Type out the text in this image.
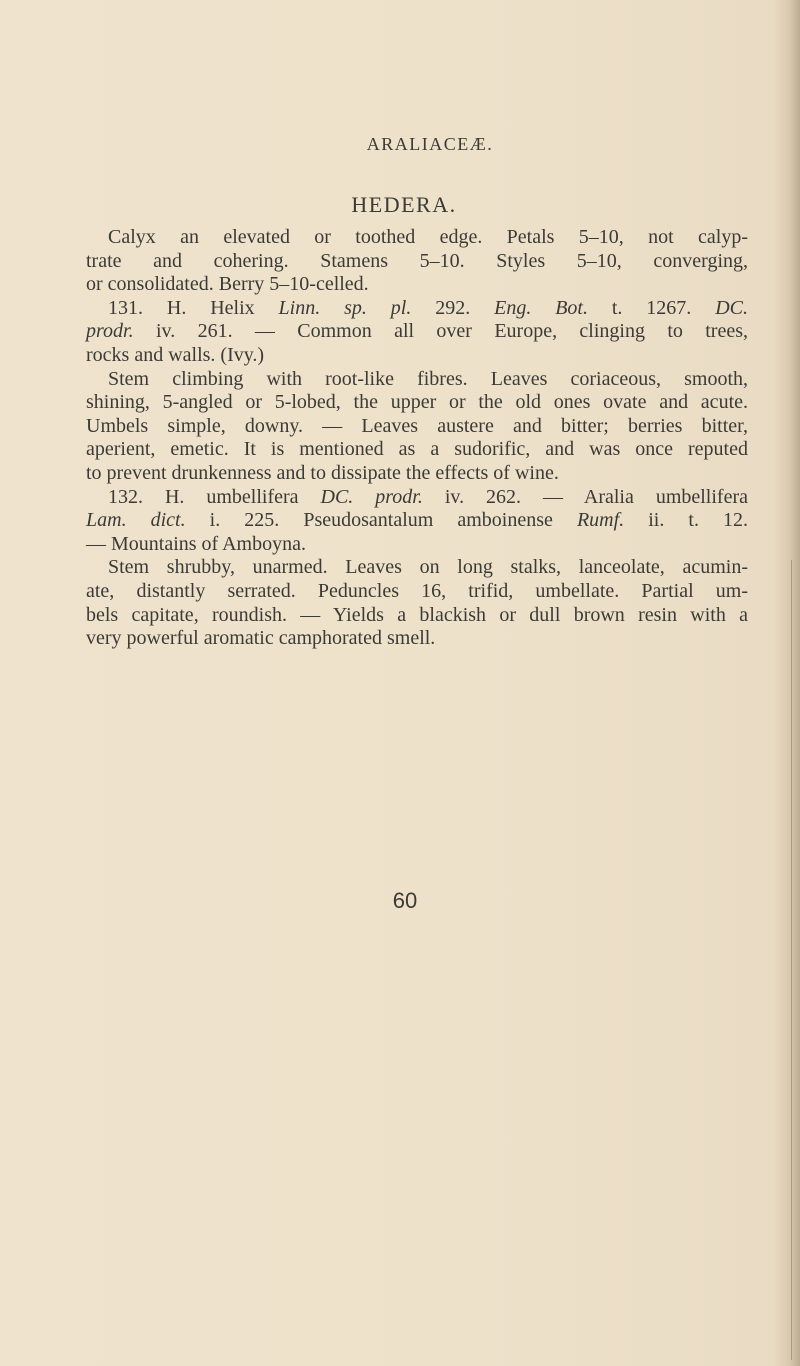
ARALIACEÆ.
HEDERA.
Calyx an elevated or toothed edge. Petals 5–10, not calyp-
trate and cohering. Stamens 5–10. Styles 5–10, converging,
or consolidated. Berry 5–10-celled.
131. H. Helix Linn. sp. pl. 292. Eng. Bot. t. 1267. DC.
prodr. iv. 261. — Common all over Europe, clinging to trees,
rocks and walls. (Ivy.)
Stem climbing with root-like fibres. Leaves coriaceous, smooth,
shining, 5-angled or 5-lobed, the upper or the old ones ovate and acute.
Umbels simple, downy. — Leaves austere and bitter; berries bitter,
aperient, emetic. It is mentioned as a sudorific, and was once reputed
to prevent drunkenness and to dissipate the effects of wine.
132. H. umbellifera DC. prodr. iv. 262. — Aralia umbellifera
Lam. dict. i. 225. Pseudosantalum amboinense Rumf. ii. t. 12.
— Mountains of Amboyna.
Stem shrubby, unarmed. Leaves on long stalks, lanceolate, acumin-
ate, distantly serrated. Peduncles 16, trifid, umbellate. Partial um-
bels capitate, roundish. — Yields a blackish or dull brown resin with a
very powerful aromatic camphorated smell.
60
